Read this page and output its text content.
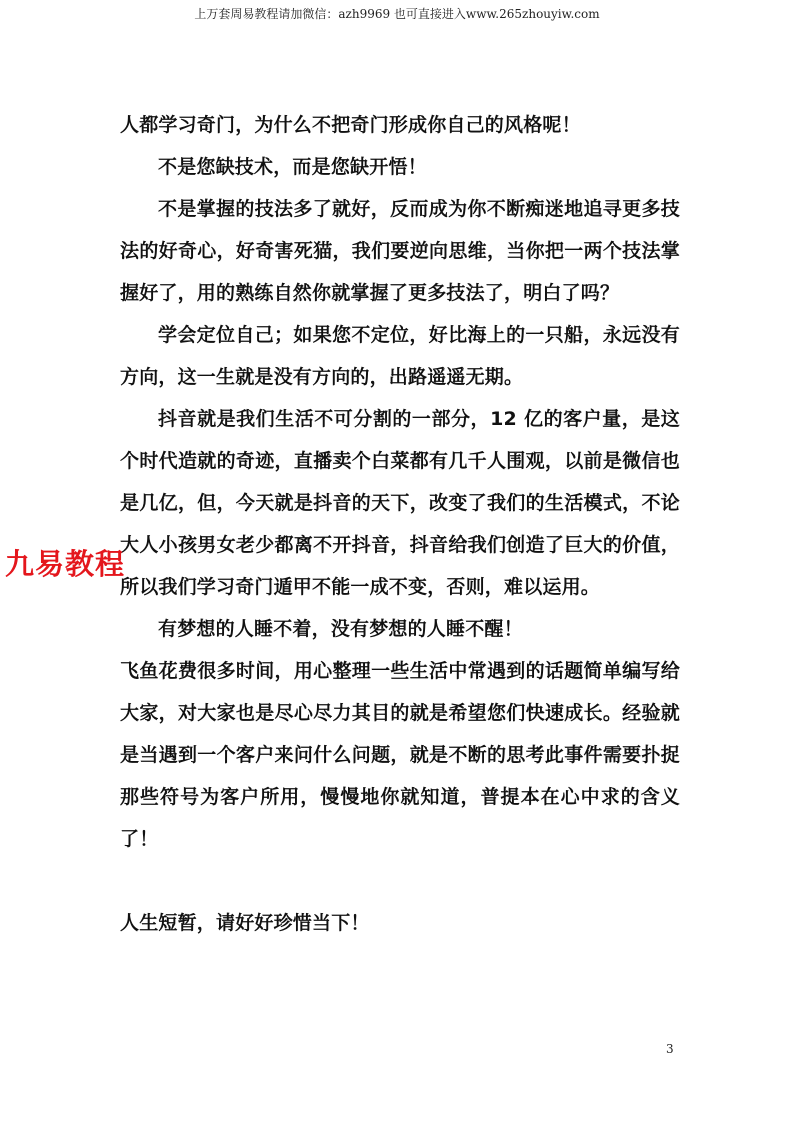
上万套周易教程请加微信：azh9969 也可直接进入www.265zhouyiw.com

人都学习奇门，为什么不把奇门形成你自己的风格呢！

不是您缺技术，而是您缺开悟！

不是掌握的技法多了就好，反而成为你不断痴迷地追寻更多技法的好奇心，好奇害死猫，我们要逆向思维，当你把一两个技法掌握好了，用的熟练自然你就掌握了更多技法了，明白了吗？

学会定位自己；如果您不定位，好比海上的一只船，永远没有方向，这一生就是没有方向的，出路遥遥无期。

抖音就是我们生活不可分割的一部分，12 亿的客户量，是这个时代造就的奇迹，直播卖个白菜都有几千人围观，以前是微信也是几亿，但，今天就是抖音的天下，改变了我们的生活模式，不论大人小孩男女老少都离不开抖音，抖音给我们创造了巨大的价值，所以我们学习奇门遁甲不能一成不变，否则，难以运用。

有梦想的人睡不着，没有梦想的人睡不醒！

飞鱼花费很多时间，用心整理一些生活中常遇到的话题简单编写给大家，对大家也是尽心尽力其目的就是希望您们快速成长。经验就是当遇到一个客户来问什么问题，就是不断的思考此事件需要扑捉那些符号为客户所用，慢慢地你就知道，普提本在心中求的含义了！

人生短暂，请好好珍惜当下！

九易教程
3
